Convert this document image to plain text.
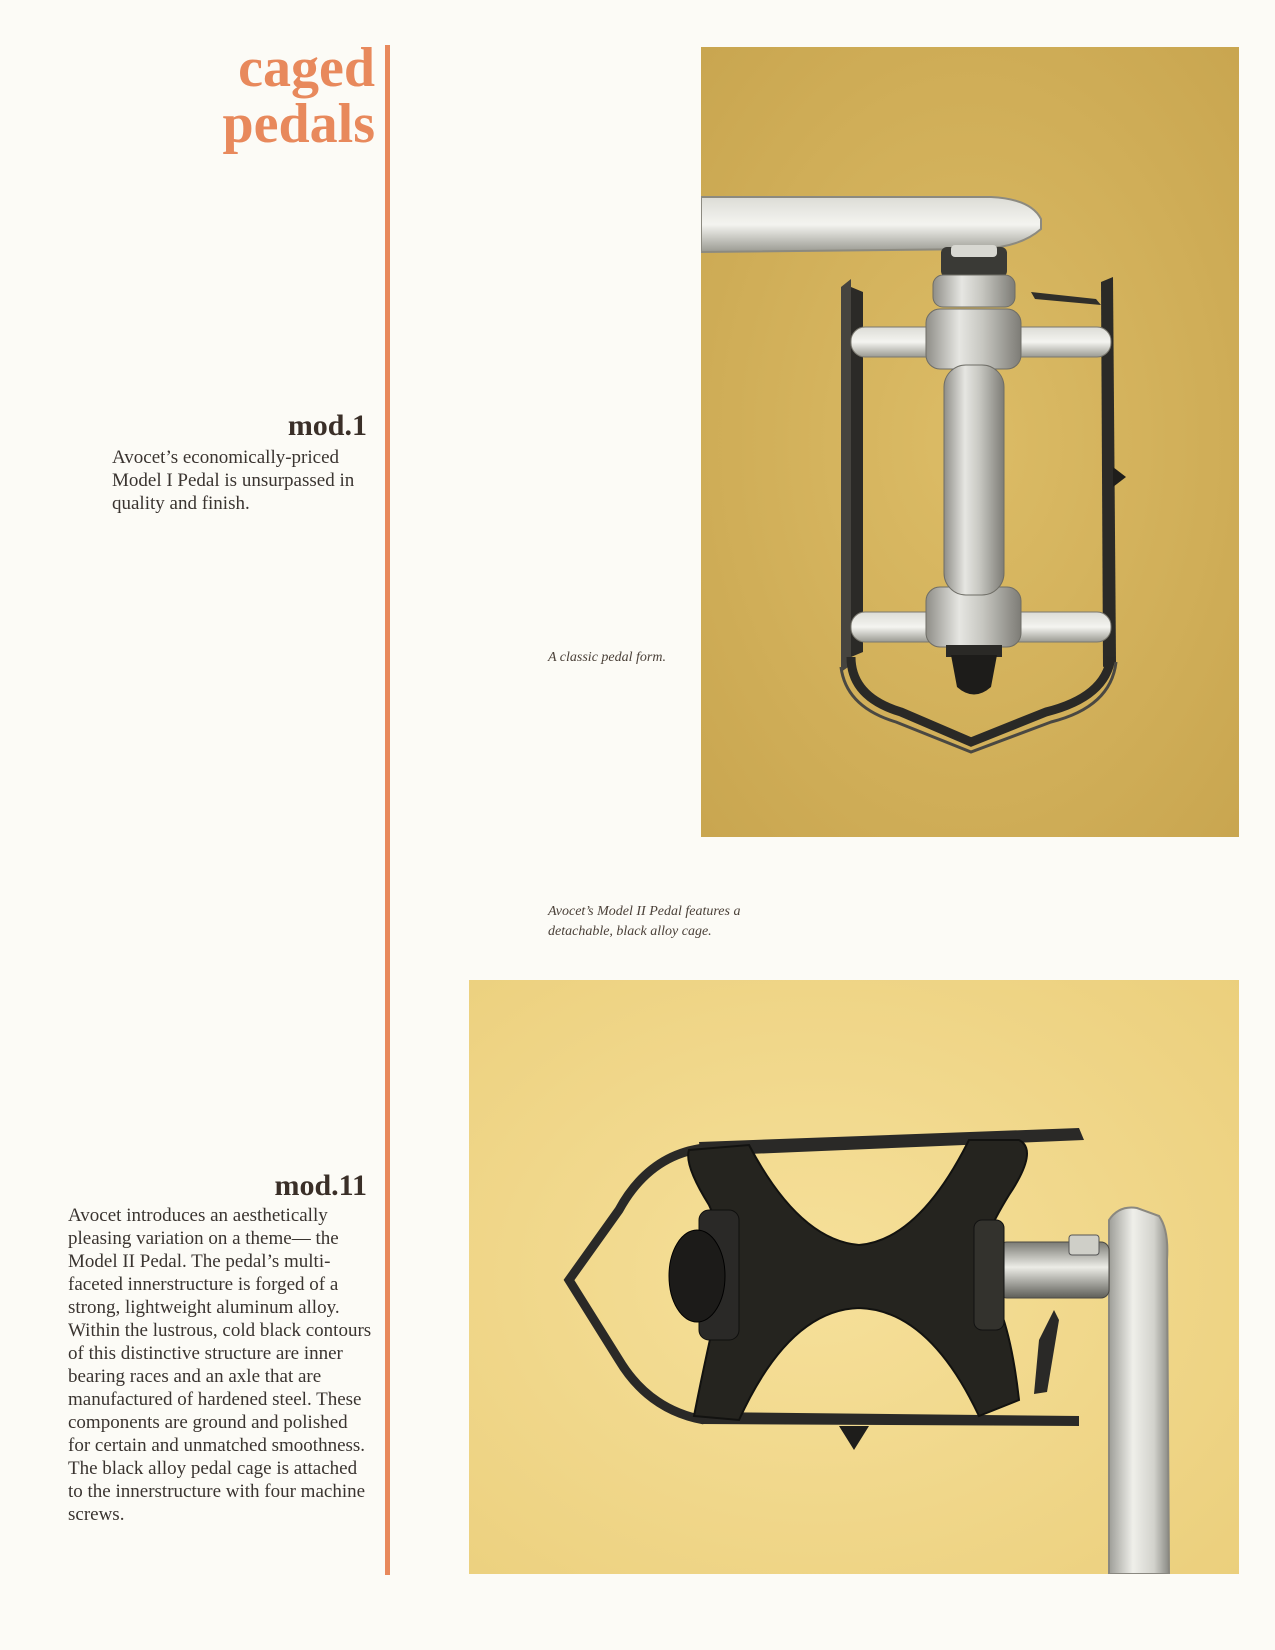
caged
pedals
mod.1

Avocet’s economically-priced Model I Pedal is unsurpassed in quality and finish.

mod.11

Avocet introduces an aesthetically pleasing variation on a theme— the Model II Pedal. The pedal’s multi-faceted innerstructure is forged of a strong, lightweight aluminum alloy. Within the lustrous, cold black contours of this distinctive structure are inner bearing races and an axle that are manufactured of hardened steel. These components are ground and polished for certain and unmatched smoothness. The black alloy pedal cage is attached to the innerstructure with four machine screws.

A classic pedal form.
Avocet’s Model II Pedal features a detachable, black alloy cage.
